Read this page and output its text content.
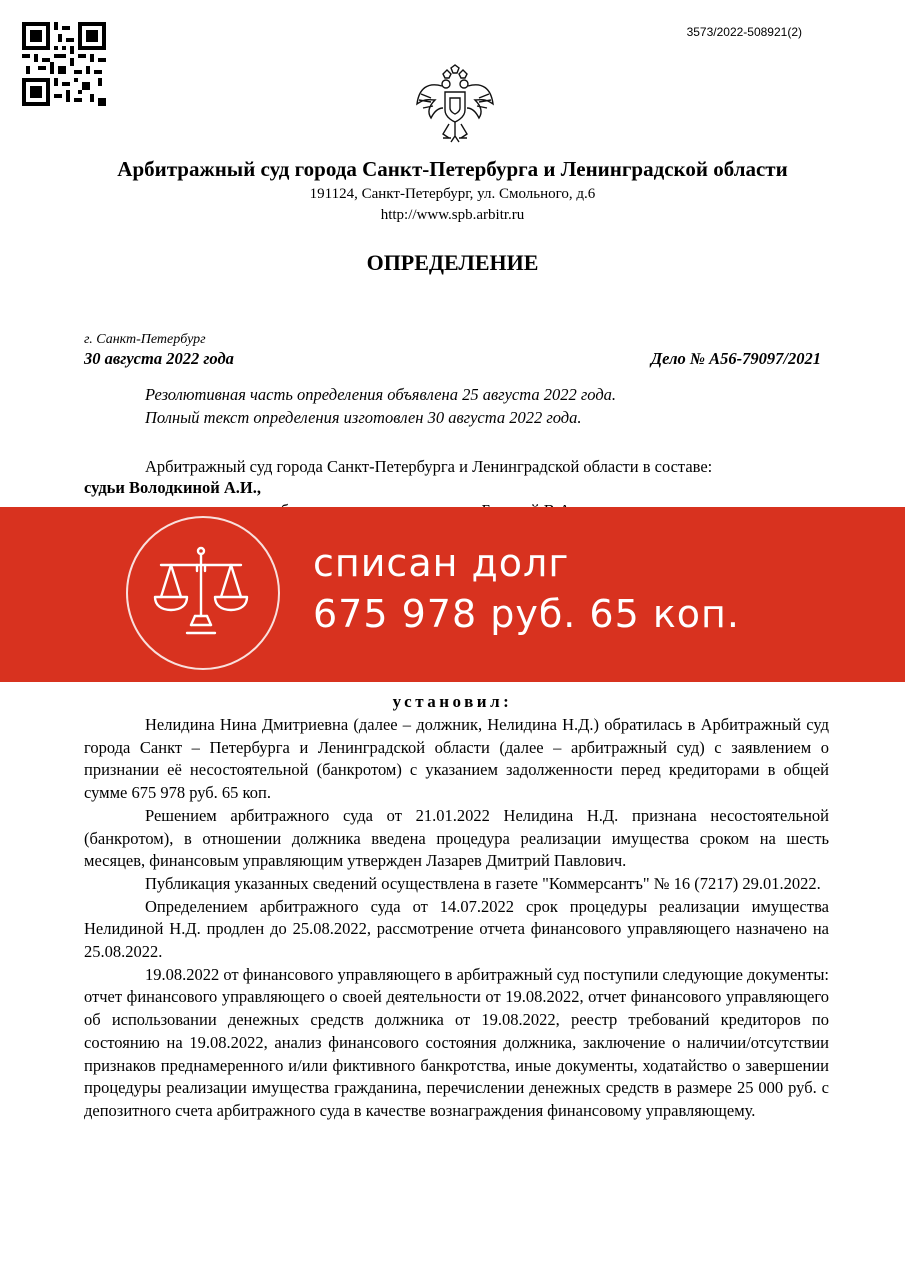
3573/2022-508921(2)
Арбитражный суд города Санкт-Петербурга и Ленинградской области
191124, Санкт-Петербург, ул. Смольного, д.6
http://www.spb.arbitr.ru
ОПРЕДЕЛЕНИЕ
г. Санкт-Петербург
30 августа 2022 года	Дело № А56-79097/2021
Резолютивная часть определения объявлена 25 августа 2022 года.
Полный текст определения изготовлен 30 августа 2022 года.
Арбитражный суд города Санкт-Петербурга и Ленинградской области в составе:
судьи Володкиной А.И.,
списан долг
675 978 руб. 65 коп.
установил:

Нелидина Нина Дмитриевна (далее – должник, Нелидина Н.Д.) обратилась в Арбитражный суд города Санкт – Петербурга и Ленинградской области (далее – арбитражный суд) с заявлением о признании её несостоятельной (банкротом) с указанием задолженности перед кредиторами в общей сумме 675 978 руб. 65 коп.

Решением арбитражного суда от 21.01.2022 Нелидина Н.Д. признана несостоятельной (банкротом), в отношении должника введена процедура реализации имущества сроком на шесть месяцев, финансовым управляющим утвержден Лазарев Дмитрий Павлович.

Публикация указанных сведений осуществлена в газете "Коммерсантъ" № 16 (7217) 29.01.2022.

Определением арбитражного суда от 14.07.2022 срок процедуры реализации имущества Нелидиной Н.Д. продлен до 25.08.2022, рассмотрение отчета финансового управляющего назначено на 25.08.2022.

19.08.2022 от финансового управляющего в арбитражный суд поступили следующие документы: отчет финансового управляющего о своей деятельности от 19.08.2022, отчет финансового управляющего об использовании денежных средств должника от 19.08.2022, реестр требований кредиторов по состоянию на 19.08.2022, анализ финансового состояния должника, заключение о наличии/отсутствии признаков преднамеренного и/или фиктивного банкротства, иные документы, ходатайство о завершении процедуры реализации имущества гражданина, перечислении денежных средств в размере 25 000 руб. с депозитного счета арбитражного суда в качестве вознаграждения финансовому управляющему.
